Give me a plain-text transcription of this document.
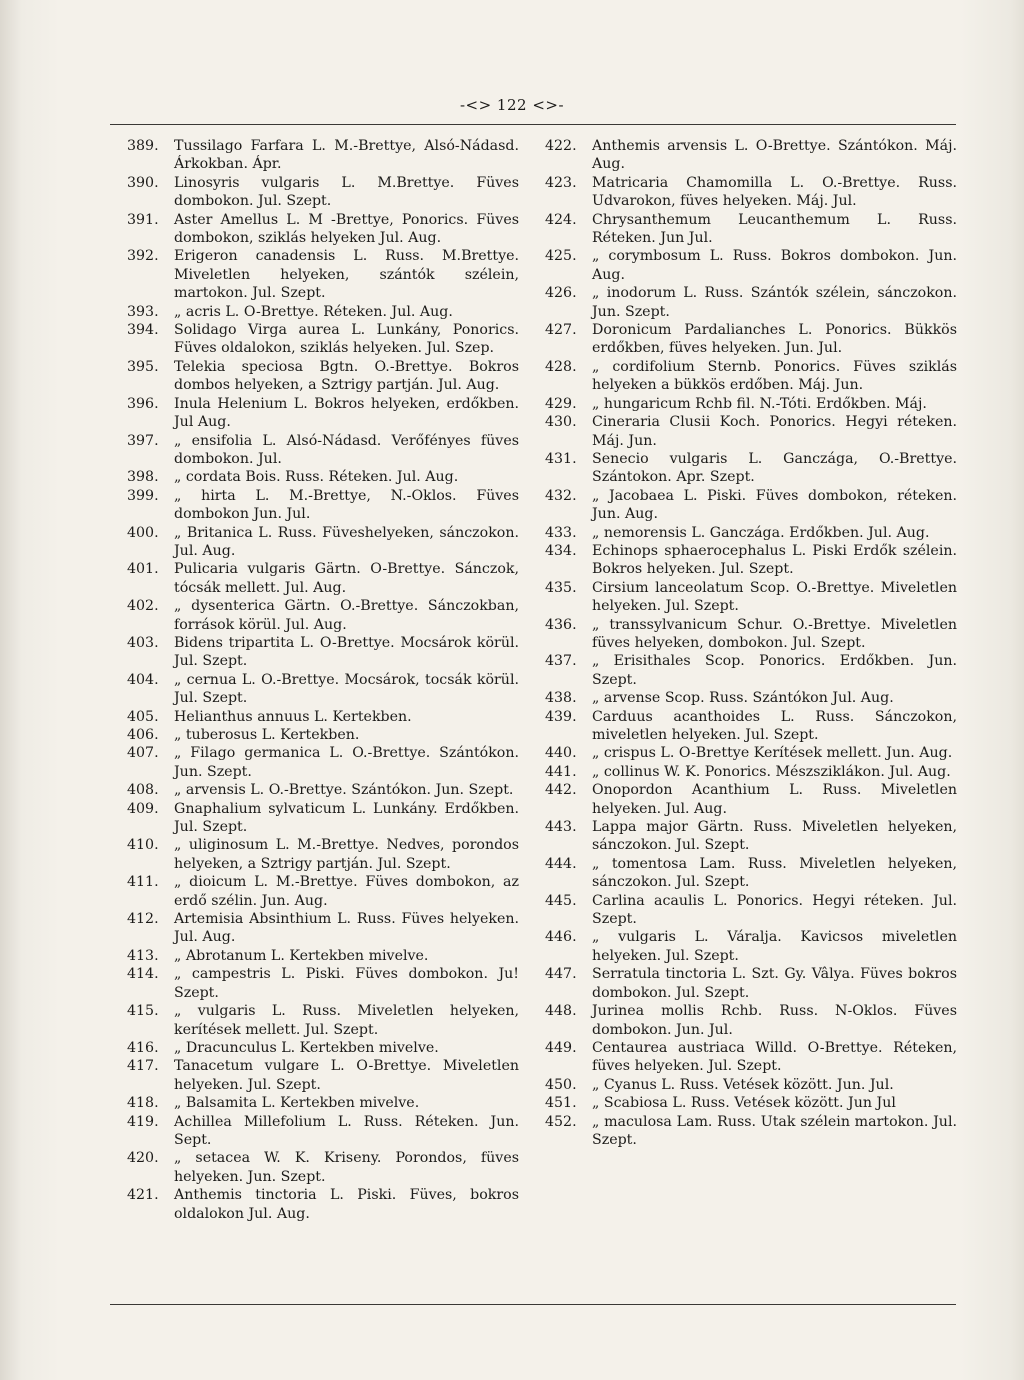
-<> 122 <>-
389.	Tussilago Farfara L. M.-Brettye, Alsó-Nádasd. Árkokban. Ápr.
390.	Linosyris vulgaris L. M.Brettye. Füves dombokon. Jul. Szept.
391.	Aster Amellus L. M -Brettye, Ponorics. Füves dombokon, sziklás helyeken Jul. Aug.
392.	Erigeron canadensis L. Russ. M.Brettye. Miveletlen helyeken, szántók szélein, martokon. Jul. Szept.
393.	„ acris L. O-Brettye. Réteken. Jul. Aug.
394.	Solidago Virga aurea L. Lunkány, Ponorics. Füves oldalokon, sziklás helyeken. Jul. Szep.
395.	Telekia speciosa Bgtn. O.-Brettye. Bokros dombos helyeken, a Sztrigy partján. Jul. Aug.
396.	Inula Helenium L. Bokros helyeken, erdőkben. Jul Aug.
397.	„ ensifolia L. Alsó-Nádasd. Verőfényes füves dombokon. Jul.
398.	„ cordata Bois. Russ. Réteken. Jul. Aug.
399.	„ hirta L. M.-Brettye, N.-Oklos. Füves dombokon Jun. Jul.
400.	„ Britanica L. Russ. Füveshelyeken, sánczokon. Jul. Aug.
401.	Pulicaria vulgaris Gärtn. O-Brettye. Sánczok, tócsák mellett. Jul. Aug.
402.	„ dysenterica Gärtn. O.-Brettye. Sánczokban, források körül. Jul. Aug.
403.	Bidens tripartita L. O-Brettye. Mocsárok körül. Jul. Szept.
404.	„ cernua L. O.-Brettye. Mocsárok, tocsák körül. Jul. Szept.
405.	Helianthus annuus L. Kertekben.
406.	„ tuberosus L. Kertekben.
407.	„ Filago germanica L. O.-Brettye. Szántókon. Jun. Szept.
408.	„ arvensis L. O.-Brettye. Szántókon. Jun. Szept.
409.	Gnaphalium sylvaticum L. Lunkány. Erdőkben. Jul. Szept.
410.	„ uliginosum L. M.-Brettye. Nedves, porondos helyeken, a Sztrigy partján. Jul. Szept.
411.	„ dioicum L. M.-Brettye. Füves dombokon, az erdő szélin. Jun. Aug.
412.	Artemisia Absinthium L. Russ. Füves helyeken. Jul. Aug.
413.	„ Abrotanum L. Kertekben mivelve.
414.	„ campestris L. Piski. Füves dombokon. Ju! Szept.
415.	„ vulgaris L. Russ. Miveletlen helyeken, kerítések mellett. Jul. Szept.
416.	„ Dracunculus L. Kertekben mivelve.
417.	Tanacetum vulgare L. O-Brettye. Miveletlen helyeken. Jul. Szept.
418.	„ Balsamita L. Kertekben mivelve.
419.	Achillea Millefolium L. Russ. Réteken. Jun. Sept.
420.	„ setacea W. K. Kriseny. Porondos, füves helyeken. Jun. Szept.
421.	Anthemis tinctoria L. Piski. Füves, bokros oldalokon Jul. Aug.
422.	Anthemis arvensis L. O-Brettye. Szántókon. Máj. Aug.
423.	Matricaria Chamomilla L. O.-Brettye. Russ. Udvarokon, füves helyeken. Máj. Jul.
424.	Chrysanthemum Leucanthemum L. Russ. Réteken. Jun Jul.
425.	„ corymbosum L. Russ. Bokros dombokon. Jun. Aug.
426.	„ inodorum L. Russ. Szántók szélein, sánczokon. Jun. Szept.
427.	Doronicum Pardalianches L. Ponorics. Bükkös erdőkben, füves helyeken. Jun. Jul.
428.	„ cordifolium Sternb. Ponorics. Füves sziklás helyeken a bükkös erdőben. Máj. Jun.
429.	„ hungaricum Rchb fil. N.-Tóti. Erdőkben. Máj.
430.	Cineraria Clusii Koch. Ponorics. Hegyi réteken. Máj. Jun.
431.	Senecio vulgaris L. Ganczága, O.-Brettye. Szántokon. Apr. Szept.
432.	„ Jacobaea L. Piski. Füves dombokon, réteken. Jun. Aug.
433.	„ nemorensis L. Ganczága. Erdőkben. Jul. Aug.
434.	Echinops sphaerocephalus L. Piski Erdők szélein. Bokros helyeken. Jul. Szept.
435.	Cirsium lanceolatum Scop. O.-Brettye. Miveletlen helyeken. Jul. Szept.
436.	„ transsylvanicum Schur. O.-Brettye. Miveletlen füves helyeken, dombokon. Jul. Szept.
437.	„ Erisithales Scop. Ponorics. Erdőkben. Jun. Szept.
438.	„ arvense Scop. Russ. Szántókon Jul. Aug.
439.	Carduus acanthoides L. Russ. Sánczokon, miveletlen helyeken. Jul. Szept.
440.	„ crispus L. O-Brettye Kerítések mellett. Jun. Aug.
441.	„ collinus W. K. Ponorics. Mészsziklákon. Jul. Aug.
442.	Onopordon Acanthium L. Russ. Miveletlen helyeken. Jul. Aug.
443.	Lappa major Gärtn. Russ. Miveletlen helyeken, sánczokon. Jul. Szept.
444.	„ tomentosa Lam. Russ. Miveletlen helyeken, sánczokon. Jul. Szept.
445.	Carlina acaulis L. Ponorics. Hegyi réteken. Jul. Szept.
446.	„ vulgaris L. Váralja. Kavicsos miveletlen helyeken. Jul. Szept.
447.	Serratula tinctoria L. Szt. Gy. Vâlya. Füves bokros dombokon. Jul. Szept.
448.	Jurinea mollis Rchb. Russ. N-Oklos. Füves dombokon. Jun. Jul.
449.	Centaurea austriaca Willd. O-Brettye. Réteken, füves helyeken. Jul. Szept.
450.	„ Cyanus L. Russ. Vetések között. Jun. Jul.
451.	„ Scabiosa L. Russ. Vetések között. Jun Jul
452.	„ maculosa Lam. Russ. Utak szélein martokon. Jul. Szept.
